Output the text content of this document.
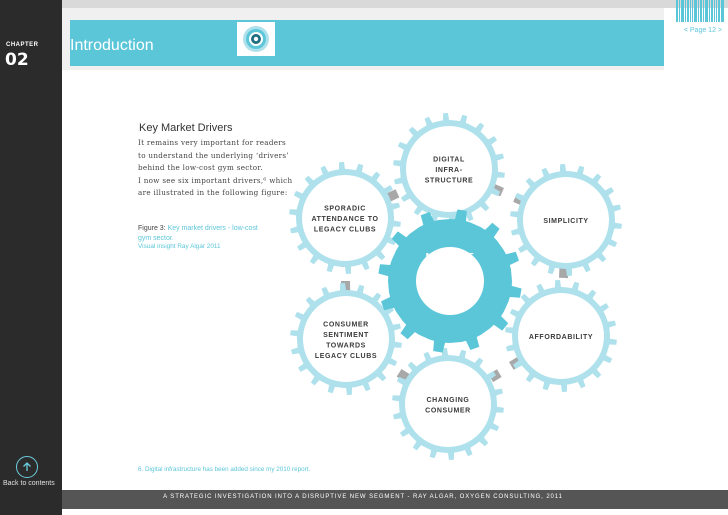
CHAPTER
02
Back to contents
Introduction
< Page 12 >
Key Market Drivers
It remains very important for readers
to understand the underlying ‘drivers’
behind the low-cost gym sector.
I now see six important drivers,⁶ which
are illustrated in the following figure:
Figure 3: Key market drivers - low-cost gym sector.
Visual insight Ray Algar 2011
6. Digital infrastructure has been added since my 2010 report.
DIGITAL
INFRA-
STRUCTURE
SIMPLICITY
AFFORDABILITY
CHANGING
CONSUMER
CONSUMER
SENTIMENT
TOWARDS
LEGACY CLUBS
SPORADIC
ATTENDANCE TO
LEGACY CLUBS
MARKET
DRIVERS
FOR A
LOW-COST
GYM
A STRATEGIC INVESTIGATION INTO A DISRUPTIVE NEW SEGMENT - RAY ALGAR, OXYGEN CONSULTING, 2011
